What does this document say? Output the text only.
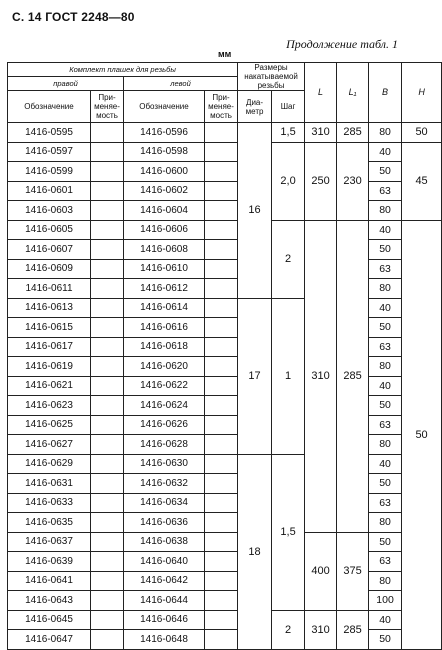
С. 14 ГОСТ 2248—80
Продолжение табл. 1
мм
Комплект плашек для резьбы				Размеры накатываемой резьбы		L	L₁	B	H
правой		левой							
Обозначение	При-меняе-мость	Обозначение	При-меняе-мость	Диа-метр	Шаг				
1416-0595		1416-0596		16	1,5	310	285	80	50
1416-0597		1416-0598			2,0	250	230	40	45
1416-0599		1416-0600						50	
1416-0601		1416-0602						63	
1416-0603		1416-0604						80	
1416-0605		1416-0606			2	310	285	40	50
1416-0607		1416-0608						50	
1416-0609		1416-0610						63	
1416-0611		1416-0612						80	
1416-0613		1416-0614		17	1			40	
1416-0615		1416-0616						50	
1416-0617		1416-0618						63	
1416-0619		1416-0620						80	
1416-0621		1416-0622						40	
1416-0623		1416-0624						50	
1416-0625		1416-0626						63	
1416-0627		1416-0628						80	
1416-0629		1416-0630		18	1,5			40	
1416-0631		1416-0632						50	
1416-0633		1416-0634						63	
1416-0635		1416-0636						80	
1416-0637		1416-0638				400	375	50	
1416-0639		1416-0640						63	
1416-0641		1416-0642						80	
1416-0643		1416-0644						100	
1416-0645		1416-0646			2	310	285	40	
1416-0647		1416-0648						50	
